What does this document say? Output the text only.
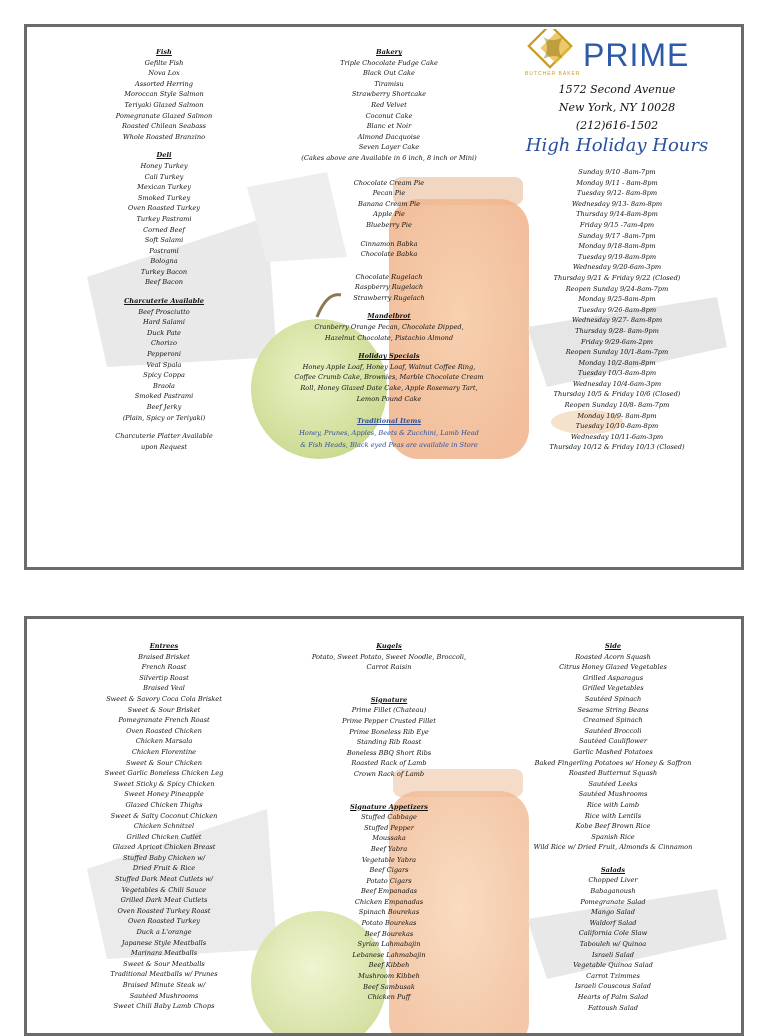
Fish
Gefilte Fish
Nova Lox
Assorted Herring
Moroccan Style Salmon
Teriyaki Glazed Salmon
Pomegranate Glazed Salmon
Roasted Chilean Seabass
Whole Roasted Branzino
Deli
Honey Turkey
Cali Turkey
Mexican Turkey
Smoked Turkey
Oven Roasted Turkey
Turkey Pastrami
Corned Beef
Soft Salami
Pastrami
Bologna
Turkey Bacon
Beef Bacon
Charcuterie Available
Beef Prosciutto
Hard Salami
Duck Pate
Chorizo
Pepperoni
Veal Spala
Spicy Coppa
Braola
Smoked Pastrami
Beef Jerky
(Plain, Spicy or Teriyaki)
Charcuterie Platter Available upon Request
Bakery
Triple Chocolate Fudge Cake
Black Out Cake
Tiramisu
Strawberry Shortcake
Red Velvet
Coconut Cake
Blanc et Noir
Almond Dacquoise
Seven Layer Cake
(Cakes above are Available in 6 inch, 8 inch or Mini)
Chocolate Cream Pie
Pecan Pie
Banana Cream Pie
Apple Pie
Blueberry Pie
Cinnamon Babka
Chocolate Babka
Chocolate Rugelach
Raspberry Rugelach
Strawberry Rugelach
Mandelbrot
Cranberry Orange Pecan, Chocolate Dipped, Hazelnut Chocolate, Pistachio Almond
Holiday Specials
Honey Apple Loaf, Honey Loaf, Walnut Coffee Ring, Coffee Crumb Cake, Brownies, Marble Chocolate Cream Roll, Honey Glazed Date Cake, Apple Rosemary Tart, Lemon Pound Cake
Traditional Items
Honey, Prunes, Apples, Beets & Zucchini, Lamb Head & Fish Heads, Black eyed Peas are available in Store
PRIME
BUTCHER BAKER
1572 Second Avenue
New York, NY 10028
(212)616-1502
High Holiday Hours
Sunday 9/10 -8am-7pm
Monday 9/11 - 8am-8pm
Tuesday 9/12- 8am-8pm
Wednesday 9/13- 8am-8pm
Thursday 9/14-8am-8pm
Friday 9/15 -7am-4pm
Sunday 9/17 -8am-7pm
Monday 9/18-8am-8pm
Tuesday 9/19-8am-9pm
Wednesday 9/20-6am-3pm
Thursday 9/21 & Friday 9/22 (Closed)
Reopen Sunday 9/24-8am-7pm
Monday 9/25-8am-8pm
Tuesday 9/26-8am-8pm
Wednesday 9/27- 8am-8pm
Thursday 9/28- 8am-9pm
Friday 9/29-6am-2pm
Reopen Sunday 10/1-8am-7pm
Monday 10/2-8am-8pm
Tuesday 10/3-8am-8pm
Wednesday 10/4-6am-3pm
Thursday 10/5 & Friday 10/6 (Closed)
Reopen Sunday 10/8- 8am-7pm
Monday 10/9- 8am-8pm
Tuesday 10/10-8am-8pm
Wednesday 10/11-6am-3pm
Thursday 10/12 & Friday 10/13 (Closed)
Entrees
Braised Brisket
French Roast
Silvertip Roast
Braised Veal
Sweet & Savory Coca Cola Brisket
Sweet & Sour Brisket
Pomegranate French Roast
Oven Roasted Chicken
Chicken Marsala
Chicken Florentine
Sweet & Sour Chicken
Sweet Garlic Boneless Chicken Leg
Sweet Sticky & Spicy Chicken
Sweet Honey Pineapple
Glazed Chicken Thighs
Sweet & Salty Coconut Chicken
Chicken Schnitzel
Grilled Chicken Cutlet
Glazed Apricot Chicken Breast
Stuffed Baby Chicken w/
Dried Fruit & Rice
Stuffed Dark Meat Cutlets w/
Vegetables & Chili Sauce
Grilled Dark Meat Cutlets
Oven Roasted Turkey Roast
Oven Roasted Turkey
Duck a L'orange
Japanese Style Meatballs
Marinara Meatballs
Sweet & Sour Meatballs
Traditional Meatballs w/ Prunes
Braised Minute Steak w/
Sautéed Mushrooms
Sweet Chili Baby Lamb Chops
Kugels
Potato, Sweet Potato, Sweet Noodle, Broccoli, Carrot Raisin
Signature
Prime Fillet (Chateau)
Prime Pepper Crusted Fillet
Prime Boneless Rib Eye
Standing Rib Roast
Boneless BBQ Short Ribs
Roasted Rack of Lamb
Crown Rack of Lamb
Signature Appetizers
Stuffed Cabbage
Stuffed Pepper
Moussaka
Beef Yabra
Vegetable Yabra
Beef Cigars
Potato Cigars
Beef Empanadas
Chicken Empanadas
Spinach Bourekas
Potato Bourekas
Beef Bourekas
Syrian Lahmabajin
Lebanese Lahmabajin
Beef Kibbeh
Mushroom Kibbeh
Beef Sambusak
Chicken Puff
Side
Roasted Acorn Squash
Citrus Honey Glazed Vegetables
Grilled Asparagus
Grilled Vegetables
Sautéed Spinach
Sesame String Beans
Creamed Spinach
Sautéed Broccoli
Sautéed Cauliflower
Garlic Mashed Potatoes
Baked Fingerling Potatoes w/ Honey & Saffron
Roasted Butternut Squash
Sautéed Leeks
Sautéed Mushrooms
Rice with Lamb
Rice with Lentils
Kobe Beef Brown Rice
Spanish Rice
Wild Rice w/ Dried Fruit, Almonds & Cinnamon
Salads
Chopped Liver
Babaganoush
Pomegranate Salad
Mango Salad
Waldorf Salad
California Cole Slaw
Tabouleh w/ Quinoa
Israeli Salad
Vegetable Quinoa Salad
Carrot Tzimmes
Israeli Couscous Salad
Hearts of Palm Salad
Fattoush Salad
